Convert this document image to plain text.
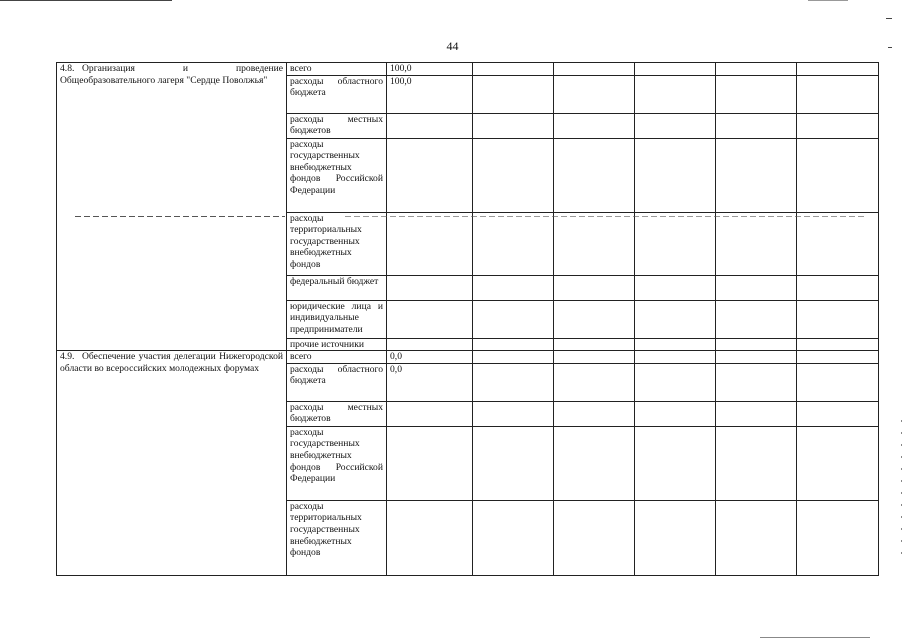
44
4.8. Организация и проведение Общеобразовательного лагеря "Сердце Поволжья"	всего	100,0					
	расходы областного бюджета	100,0					
	расходы местных бюджетов						
	расходы государственных внебюджетных фондов Российской Федерации						
	расходы территориальных государственных внебюджетных фондов						
	федеральный бюджет						
	юридические лица и индивидуальные предприниматели						
	прочие источники						
4.9. Обеспечение участия делегации Нижегородской области во всероссийских молодежных форумах	всего	0,0					
	расходы областного бюджета	0,0					
	расходы местных бюджетов						
	расходы государственных внебюджетных фондов Российской Федерации						
	расходы территориальных государственных внебюджетных фондов						
